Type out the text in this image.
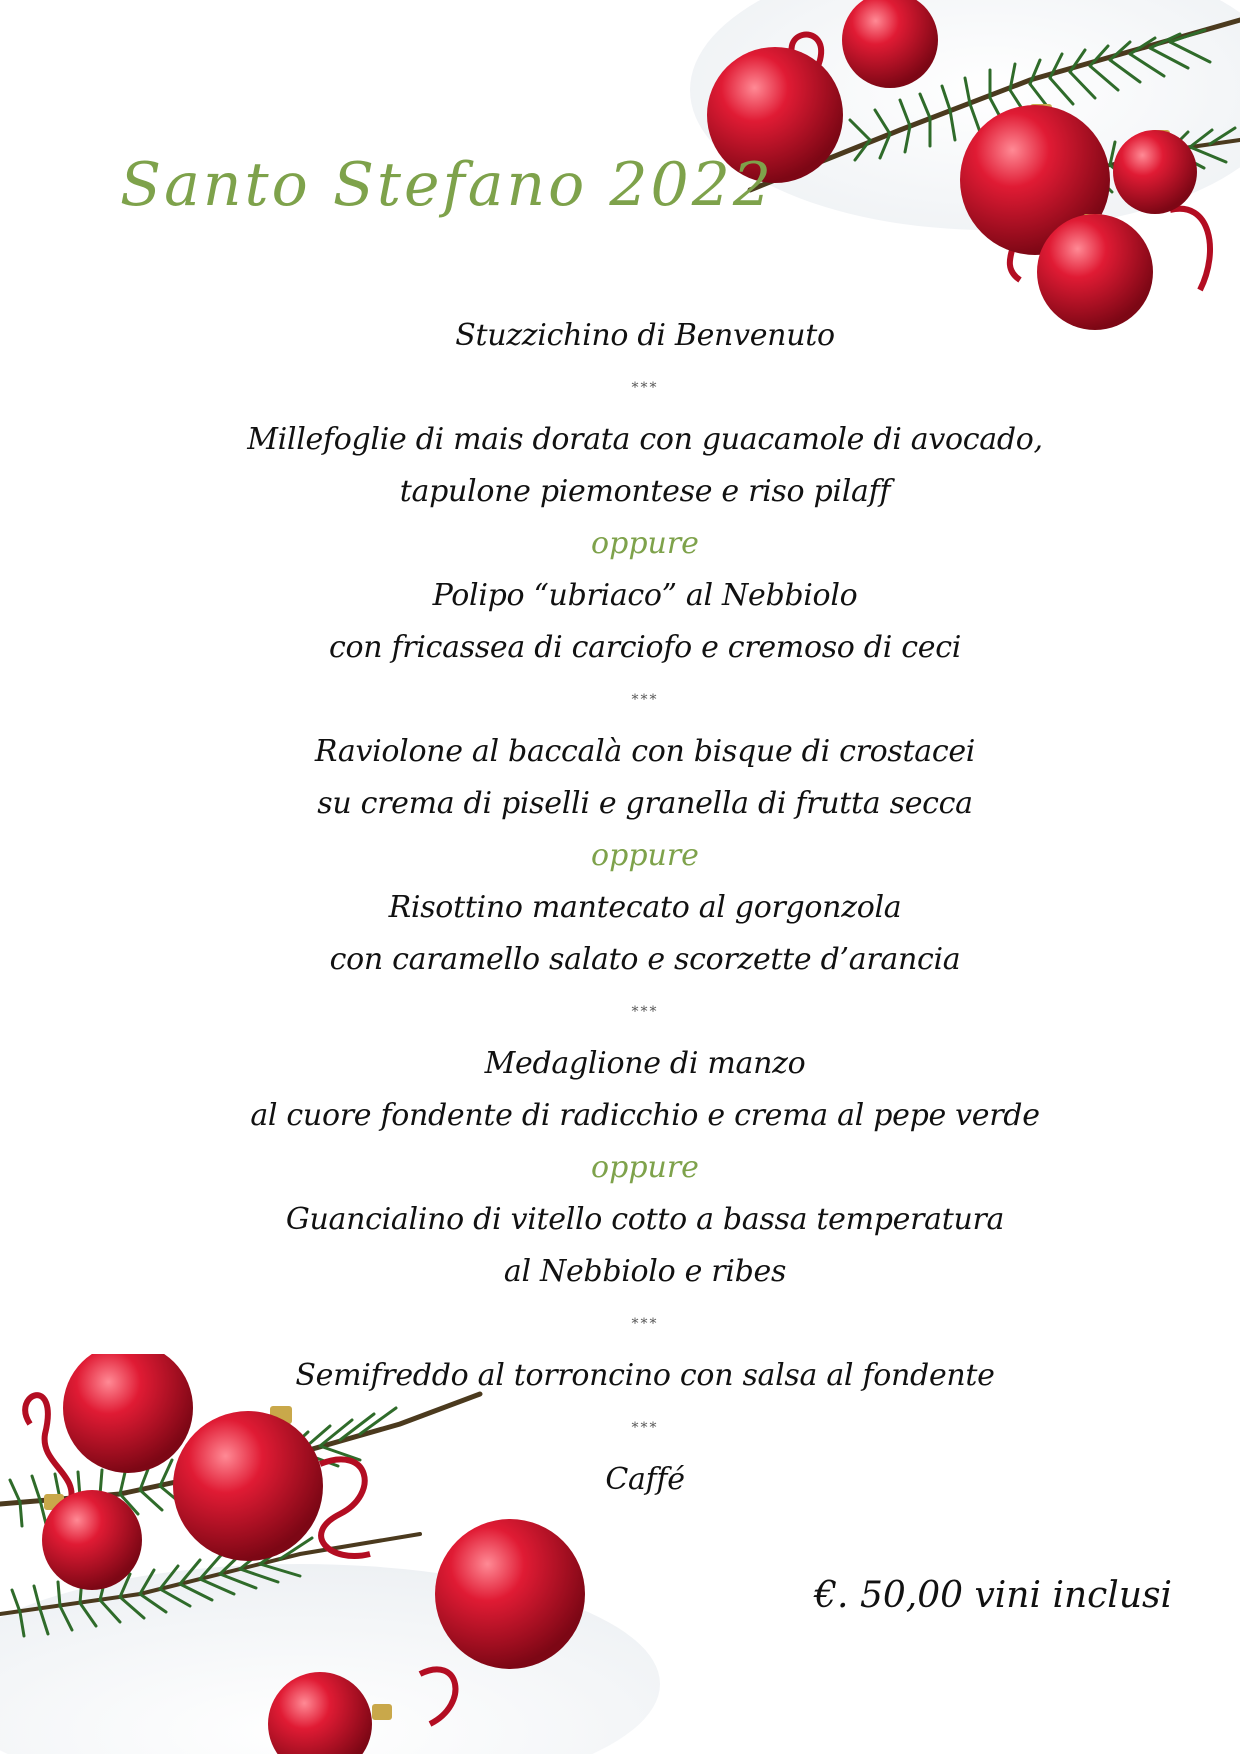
Santo Stefano 2022
Stuzzichino di Benvenuto
***
Millefoglie di mais dorata con guacamole di avocado,
tapulone piemontese e riso pilaff
oppure
Polipo “ubriaco” al Nebbiolo
con fricassea di carciofo e cremoso di ceci
***
Raviolone al baccalà con bisque di crostacei
su crema di piselli e granella di frutta secca
oppure
Risottino mantecato al gorgonzola
con caramello salato e scorzette d’arancia
***
Medaglione di manzo
al cuore fondente di radicchio e crema al pepe verde
oppure
Guancialino di vitello cotto a bassa temperatura
al Nebbiolo e ribes
***
Semifreddo al torroncino con salsa al fondente
***
Caffé
€. 50,00 vini inclusi
